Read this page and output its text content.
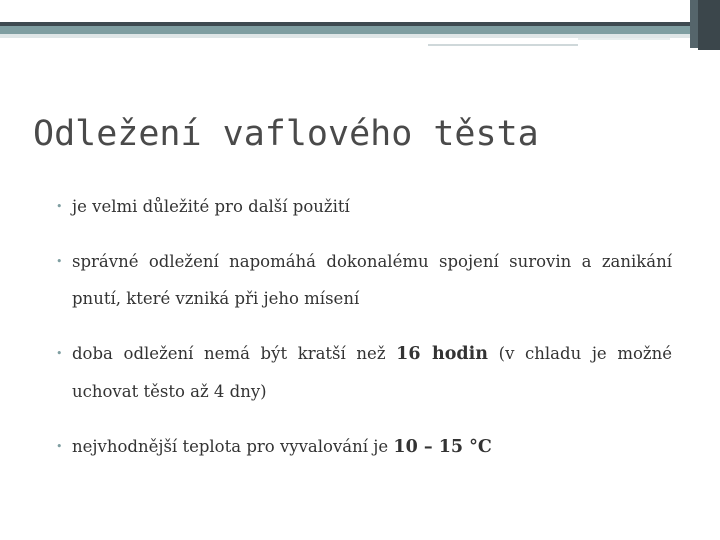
Odležení vaflového těsta
• je velmi důležité pro další použití
• správné odležení napomáhá dokonalému spojení surovin a zanikání pnutí, které vzniká při jeho mísení
• doba odležení nemá být kratší než 16 hodin (v chladu je možné uchovat těsto až 4 dny)
• nejvhodnější teplota pro vyvalování je 10 – 15 °C
